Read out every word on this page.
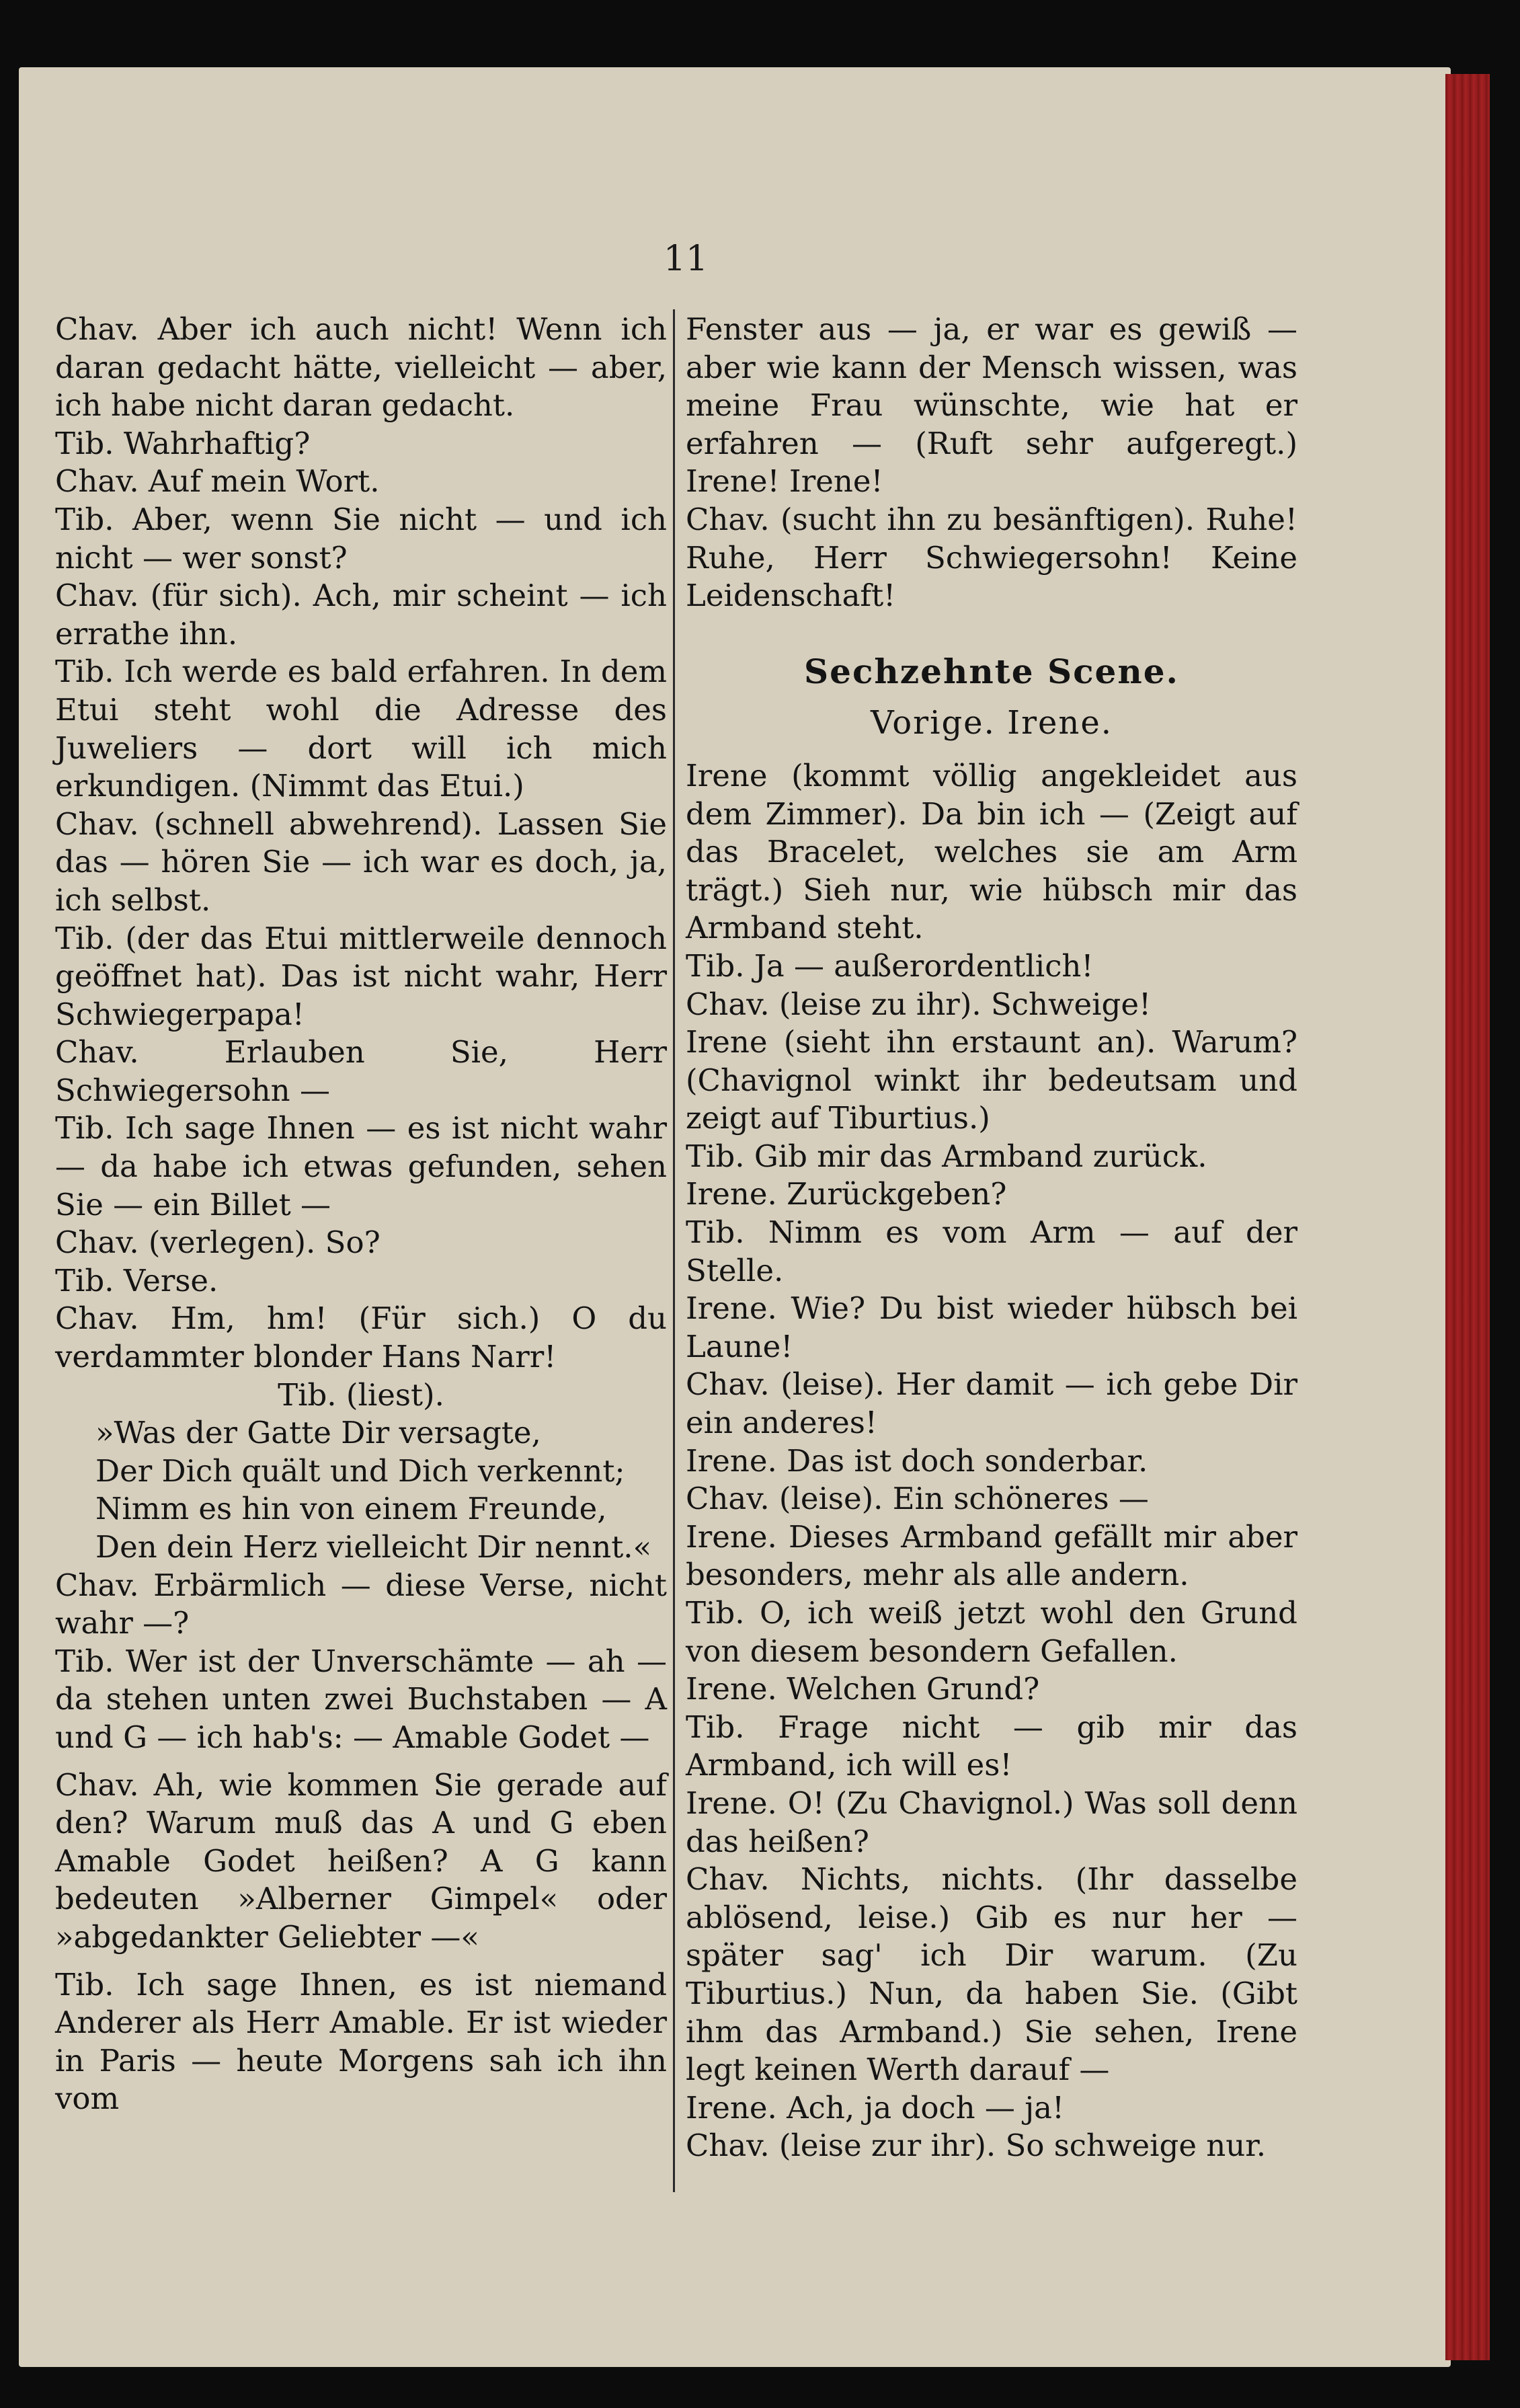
11

Chav. Aber ich auch nicht! Wenn ich daran gedacht hätte, vielleicht — aber, ich habe nicht daran gedacht.

Tib. Wahrhaftig?

Chav. Auf mein Wort.

Tib. Aber, wenn Sie nicht — und ich nicht — wer sonst?

Chav. (für sich). Ach, mir scheint — ich errathe ihn.

Tib. Ich werde es bald erfahren. In dem Etui steht wohl die Adresse des Juweliers — dort will ich mich erkundigen. (Nimmt das Etui.)

Chav. (schnell abwehrend). Lassen Sie das — hören Sie — ich war es doch, ja, ich selbst.

Tib. (der das Etui mittlerweile dennoch geöffnet hat). Das ist nicht wahr, Herr Schwiegerpapa!

Chav. Erlauben Sie, Herr Schwiegersohn —

Tib. Ich sage Ihnen — es ist nicht wahr — da habe ich etwas gefunden, sehen Sie — ein Billet —

Chav. (verlegen). So?

Tib. Verse.

Chav. Hm, hm! (Für sich.) O du verdammter blonder Hans Narr!

Tib. (liest).

»Was der Gatte Dir versagte,

Der Dich quält und Dich verkennt;

Nimm es hin von einem Freunde,

Den dein Herz vielleicht Dir nennt.«

Chav. Erbärmlich — diese Verse, nicht wahr —?

Tib. Wer ist der Unverschämte — ah — da stehen unten zwei Buchstaben — A und G — ich hab's: — Amable Godet —

Chav. Ah, wie kommen Sie gerade auf den? Warum muß das A und G eben Amable Godet heißen? A G kann bedeuten »Alberner Gimpel« oder »abgedankter Geliebter —«

Tib. Ich sage Ihnen, es ist niemand Anderer als Herr Amable. Er ist wieder in Paris — heute Morgens sah ich ihn vom

Fenster aus — ja, er war es gewiß — aber wie kann der Mensch wissen, was meine Frau wünschte, wie hat er erfahren — (Ruft sehr aufgeregt.) Irene! Irene!

Chav. (sucht ihn zu besänftigen). Ruhe! Ruhe, Herr Schwiegersohn! Keine Leidenschaft!

Sechzehnte Scene.

Vorige. Irene.

Irene (kommt völlig angekleidet aus dem Zimmer). Da bin ich — (Zeigt auf das Bracelet, welches sie am Arm trägt.) Sieh nur, wie hübsch mir das Armband steht.

Tib. Ja — außerordentlich!

Chav. (leise zu ihr). Schweige!

Irene (sieht ihn erstaunt an). Warum? (Chavignol winkt ihr bedeutsam und zeigt auf Tiburtius.)

Tib. Gib mir das Armband zurück.

Irene. Zurückgeben?

Tib. Nimm es vom Arm — auf der Stelle.

Irene. Wie? Du bist wieder hübsch bei Laune!

Chav. (leise). Her damit — ich gebe Dir ein anderes!

Irene. Das ist doch sonderbar.

Chav. (leise). Ein schöneres —

Irene. Dieses Armband gefällt mir aber besonders, mehr als alle andern.

Tib. O, ich weiß jetzt wohl den Grund von diesem besondern Gefallen.

Irene. Welchen Grund?

Tib. Frage nicht — gib mir das Armband, ich will es!

Irene. O! (Zu Chavignol.) Was soll denn das heißen?

Chav. Nichts, nichts. (Ihr dasselbe ablösend, leise.) Gib es nur her — später sag' ich Dir warum. (Zu Tiburtius.) Nun, da haben Sie. (Gibt ihm das Armband.) Sie sehen, Irene legt keinen Werth darauf —

Irene. Ach, ja doch — ja!

Chav. (leise zur ihr). So schweige nur.
